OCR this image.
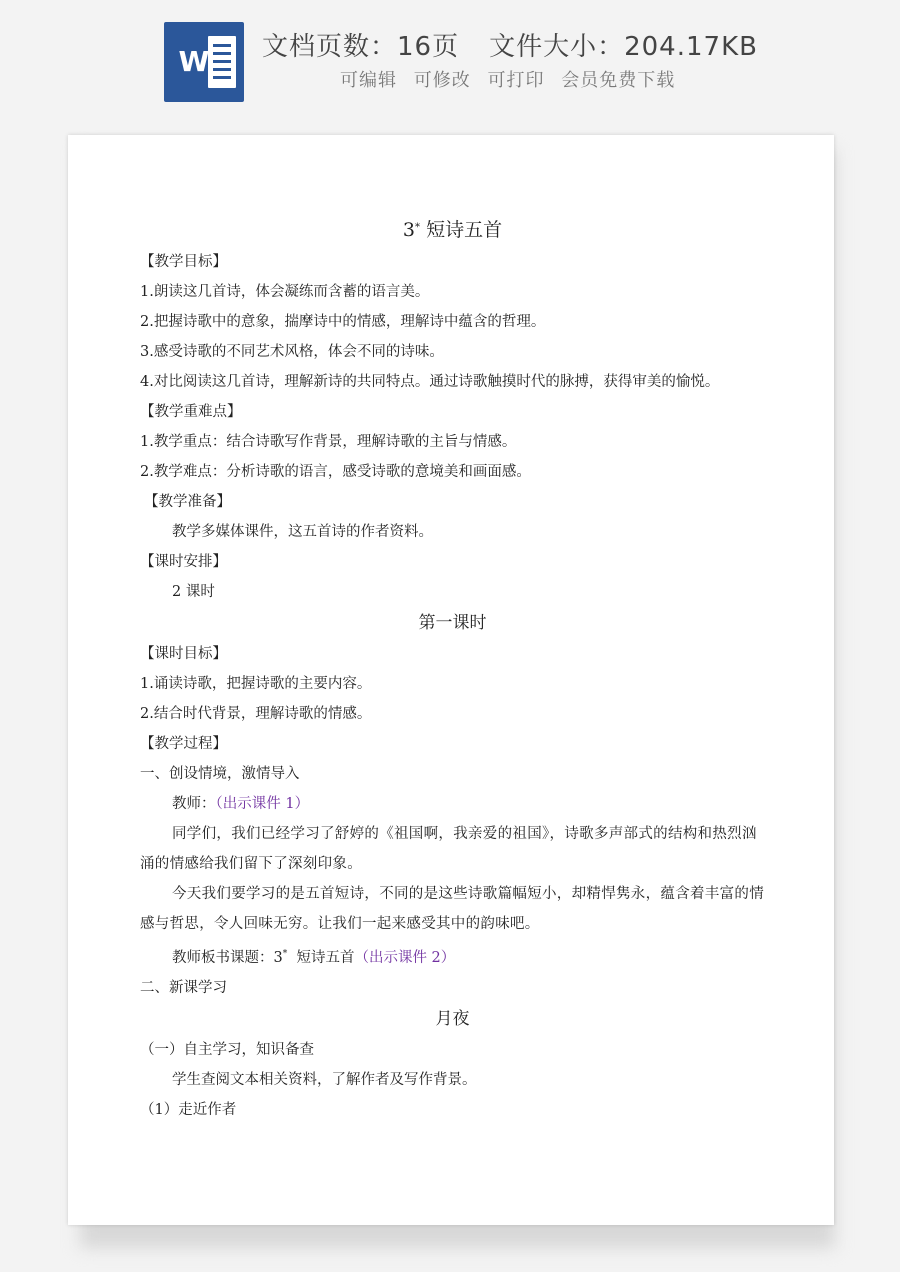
W 文档页数：16页 文件大小：204.17KB
可编辑 可修改 可打印 会员免费下载

3* 短诗五首

【教学目标】

1.朗读这几首诗，体会凝练而含蓄的语言美。

2.把握诗歌中的意象，揣摩诗中的情感，理解诗中蕴含的哲理。

3.感受诗歌的不同艺术风格，体会不同的诗味。

4.对比阅读这几首诗，理解新诗的共同特点。通过诗歌触摸时代的脉搏，获得审美的愉悦。

【教学重难点】

1.教学重点：结合诗歌写作背景，理解诗歌的主旨与情感。

2.教学难点：分析诗歌的语言，感受诗歌的意境美和画面感。

【教学准备】

教学多媒体课件，这五首诗的作者资料。

【课时安排】

2 课时

第一课时

【课时目标】

1.诵读诗歌，把握诗歌的主要内容。

2.结合时代背景，理解诗歌的情感。

【教学过程】

一、创设情境，激情导入

教师：（出示课件 1）

同学们，我们已经学习了舒婷的《祖国啊，我亲爱的祖国》，诗歌多声部式的结构和热烈汹涌的情感给我们留下了深刻印象。

今天我们要学习的是五首短诗，不同的是这些诗歌篇幅短小，却精悍隽永，蕴含着丰富的情感与哲思，令人回味无穷。让我们一起来感受其中的韵味吧。

教师板书课题：3*  短诗五首（出示课件 2）

二、新课学习

月夜

（一）自主学习，知识备查

学生查阅文本相关资料，了解作者及写作背景。

（1）走近作者
